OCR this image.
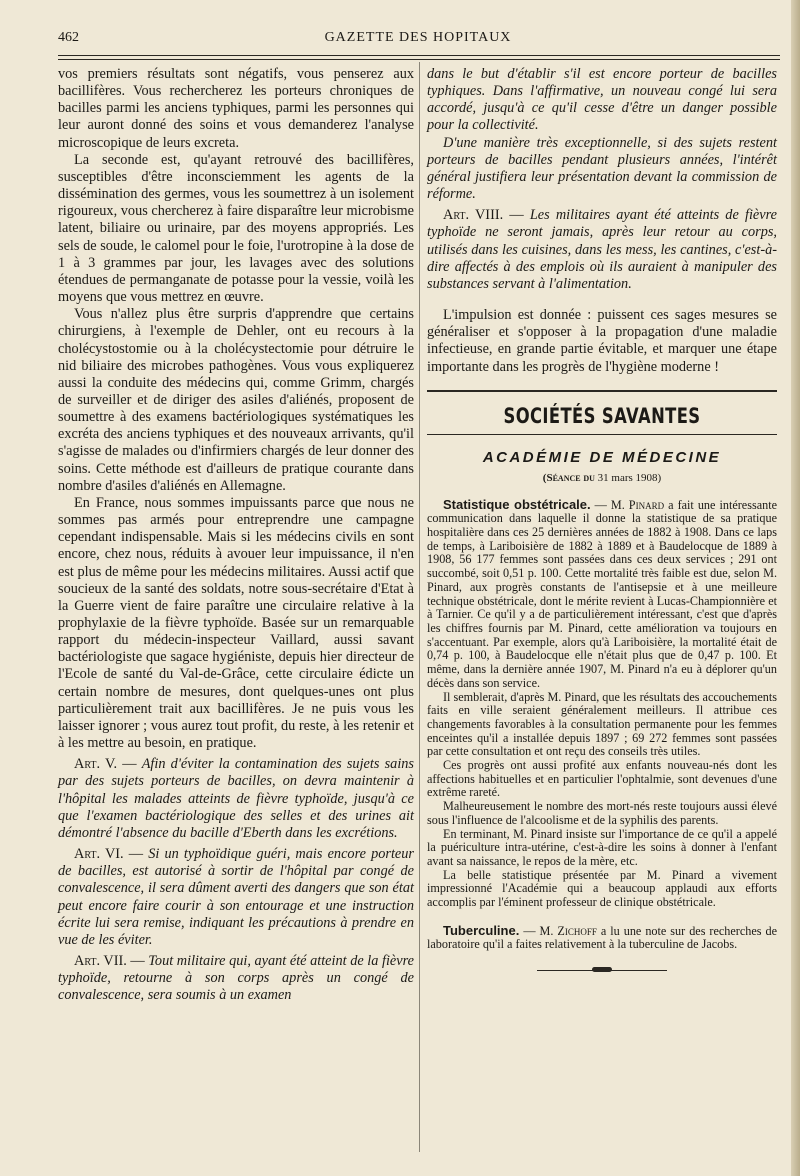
462	GAZETTE DES HOPITAUX

vos premiers résultats sont négatifs, vous penserez aux bacillifères. Vous rechercherez les porteurs chroniques de bacilles parmi les anciens typhiques, parmi les personnes qui leur auront donné des soins et vous demanderez l'analyse microscopique de leurs excreta.

La seconde est, qu'ayant retrouvé des bacillifères, susceptibles d'être inconsciemment les agents de la dissémination des germes, vous les soumettrez à un isolement rigoureux, vous chercherez à faire disparaître leur microbisme latent, biliaire ou urinaire, par des moyens appropriés. Les sels de soude, le calomel pour le foie, l'urotropine à la dose de 1 à 3 grammes par jour, les lavages avec des solutions étendues de permanganate de potasse pour la vessie, voilà les moyens que vous mettrez en œuvre.

Vous n'allez plus être surpris d'apprendre que certains chirurgiens, à l'exemple de Dehler, ont eu recours à la cholécystostomie ou à la cholécystectomie pour détruire le nid biliaire des microbes pathogènes. Vous vous expliquerez aussi la conduite des médecins qui, comme Grimm, chargés de surveiller et de diriger des asiles d'aliénés, proposent de soumettre à des examens bactériologiques systématiques les excréta des anciens typhiques et des nouveaux arrivants, qu'il s'agisse de malades ou d'infirmiers chargés de leur donner des soins. Cette méthode est d'ailleurs de pratique courante dans nombre d'asiles d'aliénés en Allemagne.

En France, nous sommes impuissants parce que nous ne sommes pas armés pour entreprendre une campagne cependant indispensable. Mais si les médecins civils en sont encore, chez nous, réduits à avouer leur impuissance, il n'en est plus de même pour les médecins militaires. Aussi actif que soucieux de la santé des soldats, notre sous-secrétaire d'Etat à la Guerre vient de faire paraître une circulaire relative à la prophylaxie de la fièvre typhoïde. Basée sur un remarquable rapport du médecin-inspecteur Vaillard, aussi savant bactériologiste que sagace hygiéniste, depuis hier directeur de l'Ecole de santé du Val-de-Grâce, cette circulaire édicte un certain nombre de mesures, dont quelques-unes ont plus particulièrement trait aux bacillifères. Je ne puis vous les laisser ignorer ; vous aurez tout profit, du reste, à les retenir et à les mettre au besoin, en pratique.

Art. V. — Afin d'éviter la contamination des sujets sains par des sujets porteurs de bacilles, on devra maintenir à l'hôpital les malades atteints de fièvre typhoïde, jusqu'à ce que l'examen bactériologique des selles et des urines ait démontré l'absence du bacille d'Eberth dans les excrétions.

Art. VI. — Si un typhoïdique guéri, mais encore porteur de bacilles, est autorisé à sortir de l'hôpital par congé de convalescence, il sera dûment averti des dangers que son état peut encore faire courir à son entourage et une instruction écrite lui sera remise, indiquant les précautions à prendre en vue de les éviter.

Art. VII. — Tout militaire qui, ayant été atteint de la fièvre typhoïde, retourne à son corps après un congé de convalescence, sera soumis à un examen

dans le but d'établir s'il est encore porteur de bacilles typhiques. Dans l'affirmative, un nouveau congé lui sera accordé, jusqu'à ce qu'il cesse d'être un danger possible pour la collectivité.

D'une manière très exceptionnelle, si des sujets restent porteurs de bacilles pendant plusieurs années, l'intérêt général justifiera leur présentation devant la commission de réforme.

Art. VIII. — Les militaires ayant été atteints de fièvre typhoïde ne seront jamais, après leur retour au corps, utilisés dans les cuisines, dans les mess, les cantines, c'est-à-dire affectés à des emplois où ils auraient à manipuler des substances servant à l'alimentation.

L'impulsion est donnée : puissent ces sages mesures se généraliser et s'opposer à la propagation d'une maladie infectieuse, en grande partie évitable, et marquer une étape importante dans les progrès de l'hygiène moderne !

SOCIÉTÉS SAVANTES
ACADÉMIE DE MÉDECINE
(Séance du 31 mars 1908)

Statistique obstétricale. — M. Pinard a fait une intéressante communication dans laquelle il donne la statistique de sa pratique hospitalière dans ces 25 dernières années de 1882 à 1908. Dans ce laps de temps, à Lariboisière de 1882 à 1889 et à Baudelocque de 1889 à 1908, 56 177 femmes sont passées dans ces deux services ; 291 ont succombé, soit 0,51 p. 100. Cette mortalité très faible est due, selon M. Pinard, aux progrès constants de l'antisepsie et à une meilleure technique obstétricale, dont le mérite revient à Lucas-Championnière et à Tarnier. Ce qu'il y a de particulièrement intéressant, c'est que d'après les chiffres fournis par M. Pinard, cette amélioration va toujours en s'accentuant. Par exemple, alors qu'à Lariboisière, la mortalité était de 0,74 p. 100, à Baudelocque elle n'était plus que de 0,47 p. 100. Et même, dans la dernière année 1907, M. Pinard n'a eu à déplorer qu'un décès dans son service.

Il semblerait, d'après M. Pinard, que les résultats des accouchements faits en ville seraient généralement meilleurs. Il attribue ces changements favorables à la consultation permanente pour les femmes enceintes qu'il a installée depuis 1897 ; 69 272 femmes sont passées par cette consultation et ont reçu des conseils très utiles.

Ces progrès ont aussi profité aux enfants nouveau-nés dont les affections habituelles et en particulier l'ophtalmie, sont devenues d'une extrême rareté.

Malheureusement le nombre des mort-nés reste toujours aussi élevé sous l'influence de l'alcoolisme et de la syphilis des parents.

En terminant, M. Pinard insiste sur l'importance de ce qu'il a appelé la puériculture intra-utérine, c'est-à-dire les soins à donner à l'enfant avant sa naissance, le repos de la mère, etc.

La belle statistique présentée par M. Pinard a vivement impressionné l'Académie qui a beaucoup applaudi aux efforts accomplis par l'éminent professeur de clinique obstétricale.

Tuberculine. — M. Zichoff a lu une note sur des recherches de laboratoire qu'il a faites relativement à la tuberculine de Jacobs.
